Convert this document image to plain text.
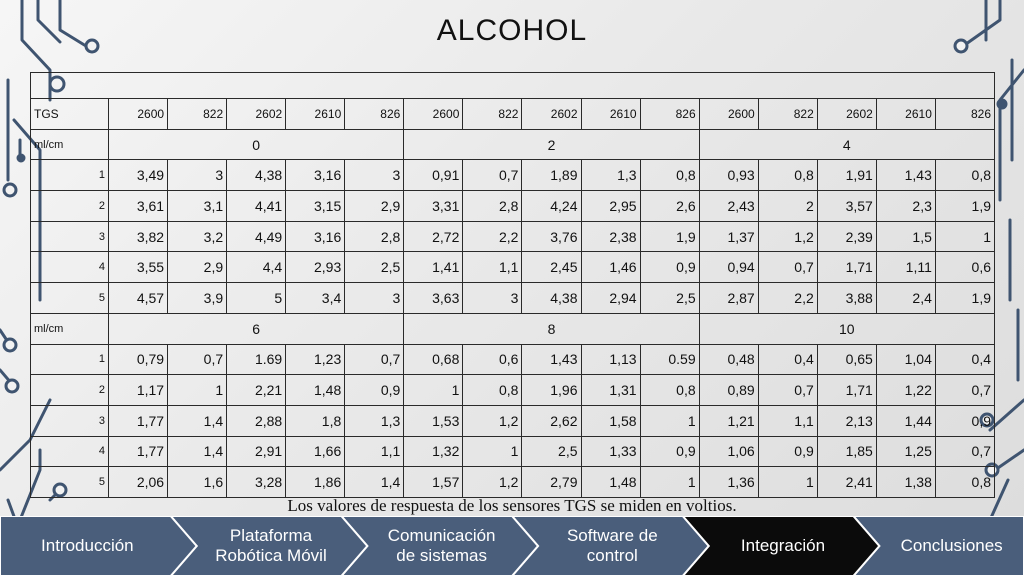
ALCOHOL

TGS	2600	822	2602	2610	826	2600	822	2602	2610	826	2600	822	2602	2610	826
ml/cm	0					2					4				
1	3,49	3	4,38	3,16	3	0,91	0,7	1,89	1,3	0,8	0,93	0,8	1,91	1,43	0,8
2	3,61	3,1	4,41	3,15	2,9	3,31	2,8	4,24	2,95	2,6	2,43	2	3,57	2,3	1,9
3	3,82	3,2	4,49	3,16	2,8	2,72	2,2	3,76	2,38	1,9	1,37	1,2	2,39	1,5	1
4	3,55	2,9	4,4	2,93	2,5	1,41	1,1	2,45	1,46	0,9	0,94	0,7	1,71	1,11	0,6
5	4,57	3,9	5	3,4	3	3,63	3	4,38	2,94	2,5	2,87	2,2	3,88	2,4	1,9
ml/cm	6					8					10				
1	0,79	0,7	1.69	1,23	0,7	0,68	0,6	1,43	1,13	0.59	0,48	0,4	0,65	1,04	0,4
2	1,17	1	2,21	1,48	0,9	1	0,8	1,96	1,31	0,8	0,89	0,7	1,71	1,22	0,7
3	1,77	1,4	2,88	1,8	1,3	1,53	1,2	2,62	1,58	1	1,21	1,1	2,13	1,44	0,9
4	1,77	1,4	2,91	1,66	1,1	1,32	1	2,5	1,33	0,9	1,06	0,9	1,85	1,25	0,7
5	2,06	1,6	3,28	1,86	1,4	1,57	1,2	2,79	1,48	1	1,36	1	2,41	1,38	0,8
Los valores de respuesta de los sensores TGS se miden en voltios.
Introducción
Plataforma
Robótica Móvil
Comunicación
de sistemas
Software de
control
Integración	Conclusiones
